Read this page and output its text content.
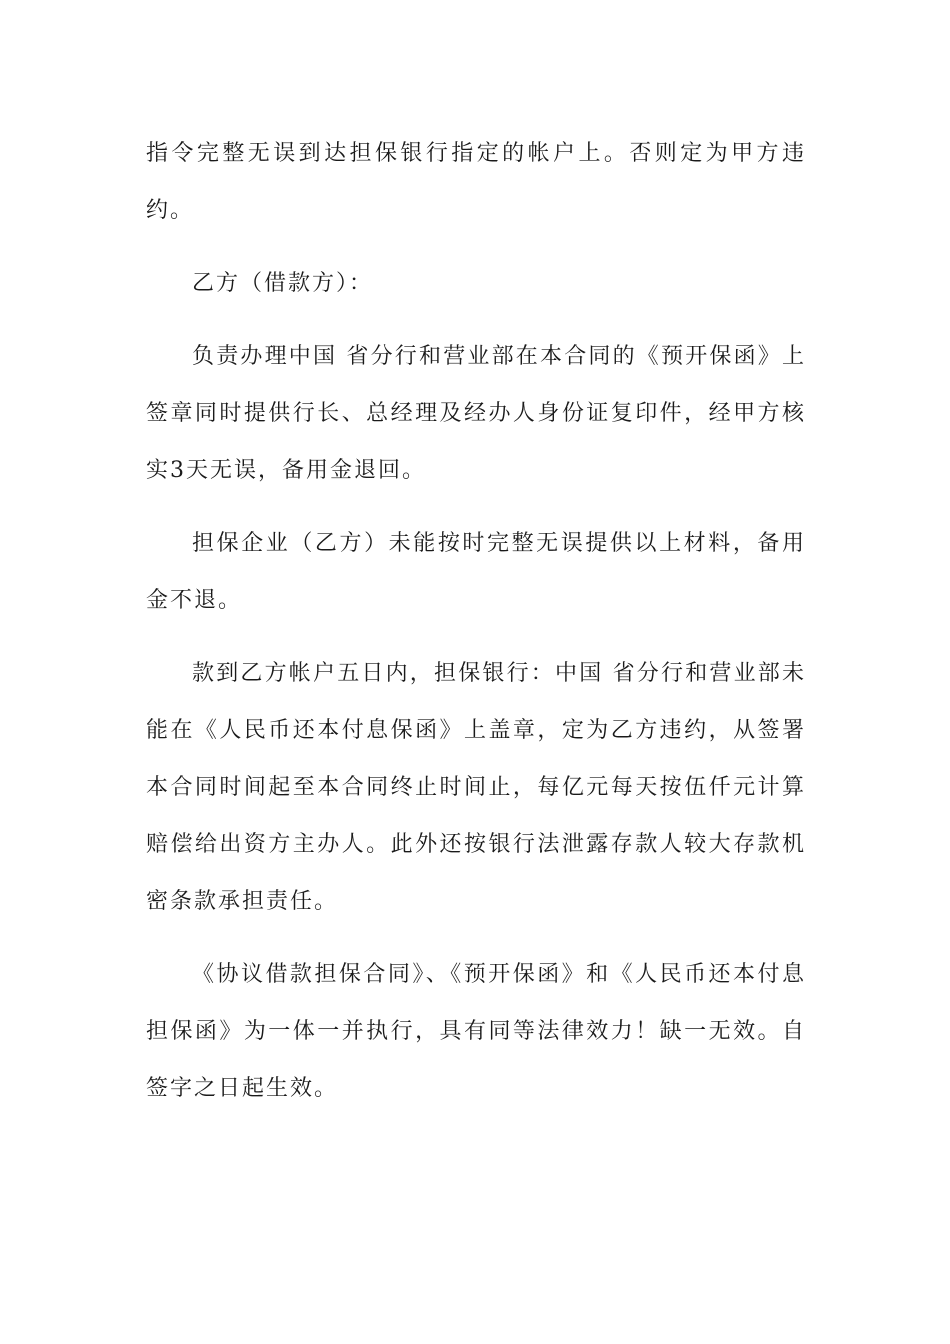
指令完整无误到达担保银行指定的帐户上。否则定为甲方违约。

乙方（借款方）：

负责办理中国 省分行和营业部在本合同的《预开保函》上签章同时提供行长、总经理及经办人身份证复印件，经甲方核实3天无误，备用金退回。

担保企业（乙方）未能按时完整无误提供以上材料，备用金不退。

款到乙方帐户五日内，担保银行：中国 省分行和营业部未能在《人民币还本付息保函》上盖章，定为乙方违约，从签署本合同时间起至本合同终止时间止，每亿元每天按伍仟元计算赔偿给出资方主办人。此外还按银行法泄露存款人较大存款机密条款承担责任。

《协议借款担保合同》、《预开保函》和《人民币还本付息担保函》为一体一并执行，具有同等法律效力！缺一无效。自签字之日起生效。
